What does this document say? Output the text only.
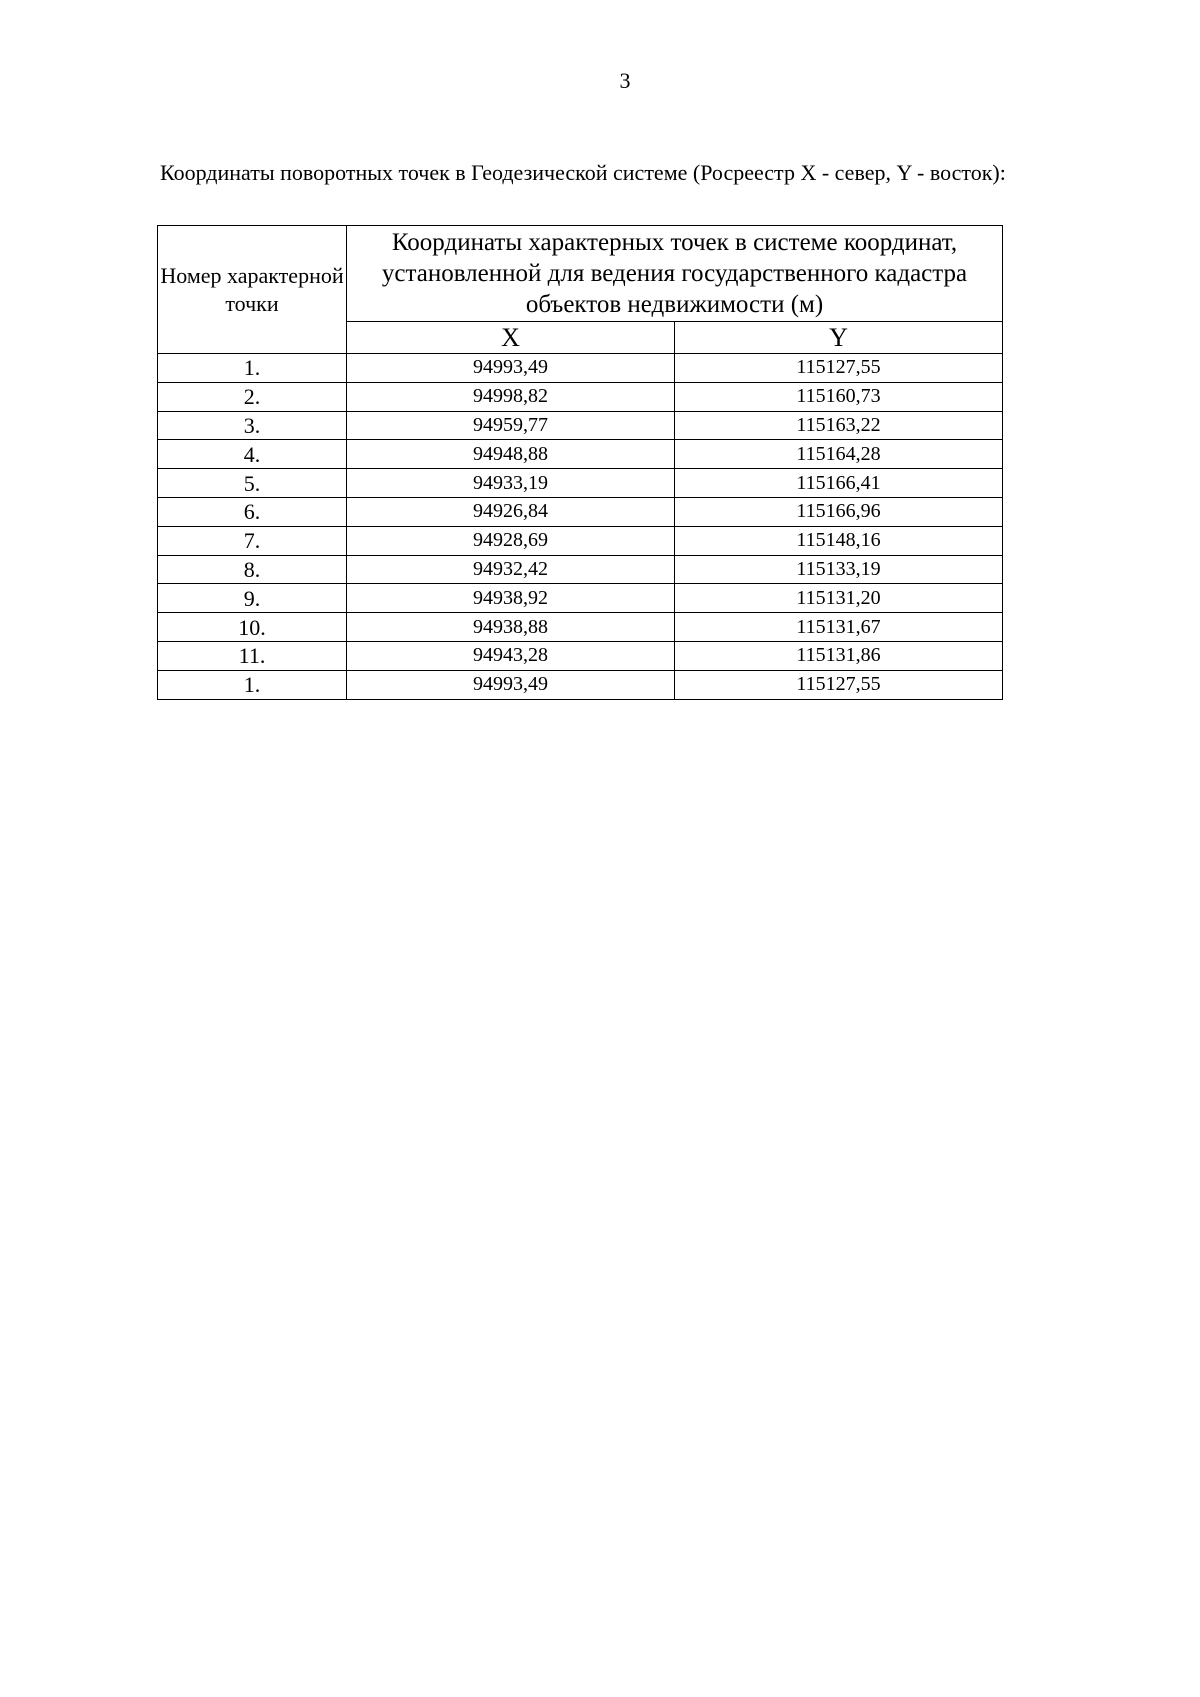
3
Координаты поворотных точек в Геодезической системе (Росреестр X - север, Y - восток):
Номер характерной точки	Координаты характерных точек в системе координат, установленной для ведения государственного кадастра объектов недвижимости (м)	
	X	Y
1.	94993,49	115127,55
2.	94998,82	115160,73
3.	94959,77	115163,22
4.	94948,88	115164,28
5.	94933,19	115166,41
6.	94926,84	115166,96
7.	94928,69	115148,16
8.	94932,42	115133,19
9.	94938,92	115131,20
10.	94938,88	115131,67
11.	94943,28	115131,86
1.	94993,49	115127,55
